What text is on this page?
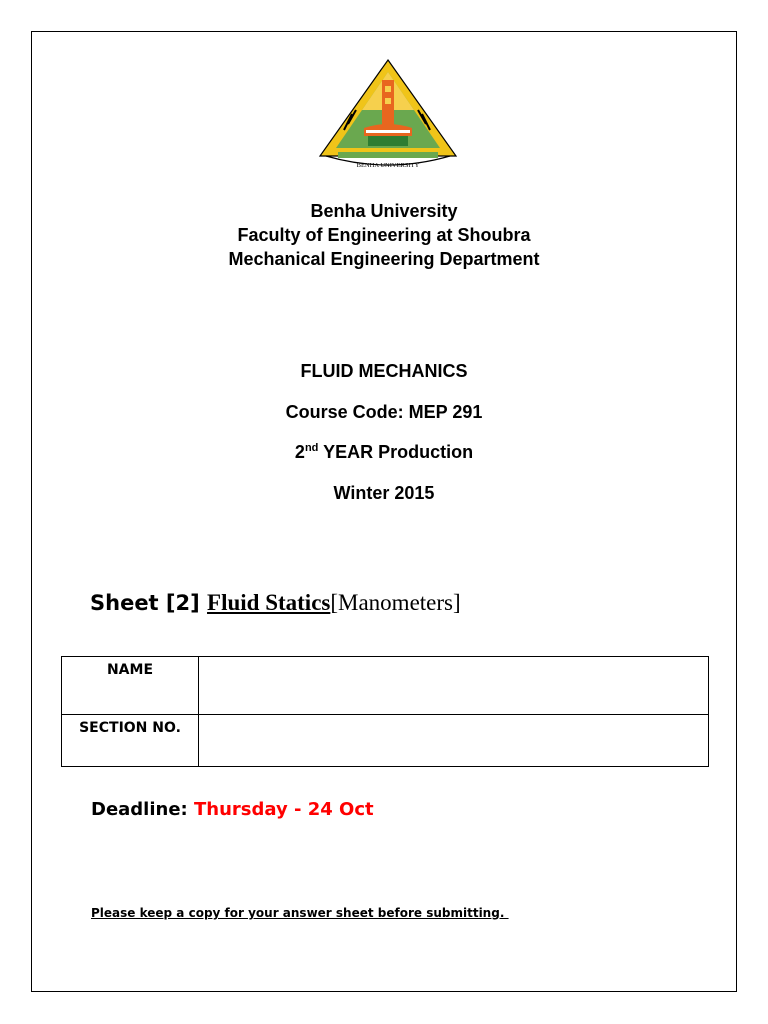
BENHA UNIVERSITY
Benha University
Faculty of Engineering at Shoubra
Mechanical Engineering Department
FLUID MECHANICS
Course Code: MEP 291
2nd YEAR Production
Winter 2015
Sheet [2] Fluid Statics[Manometers]
NAME	
SECTION NO.	
Deadline: Thursday - 24 Oct
Please keep a copy for your answer sheet before submitting.
